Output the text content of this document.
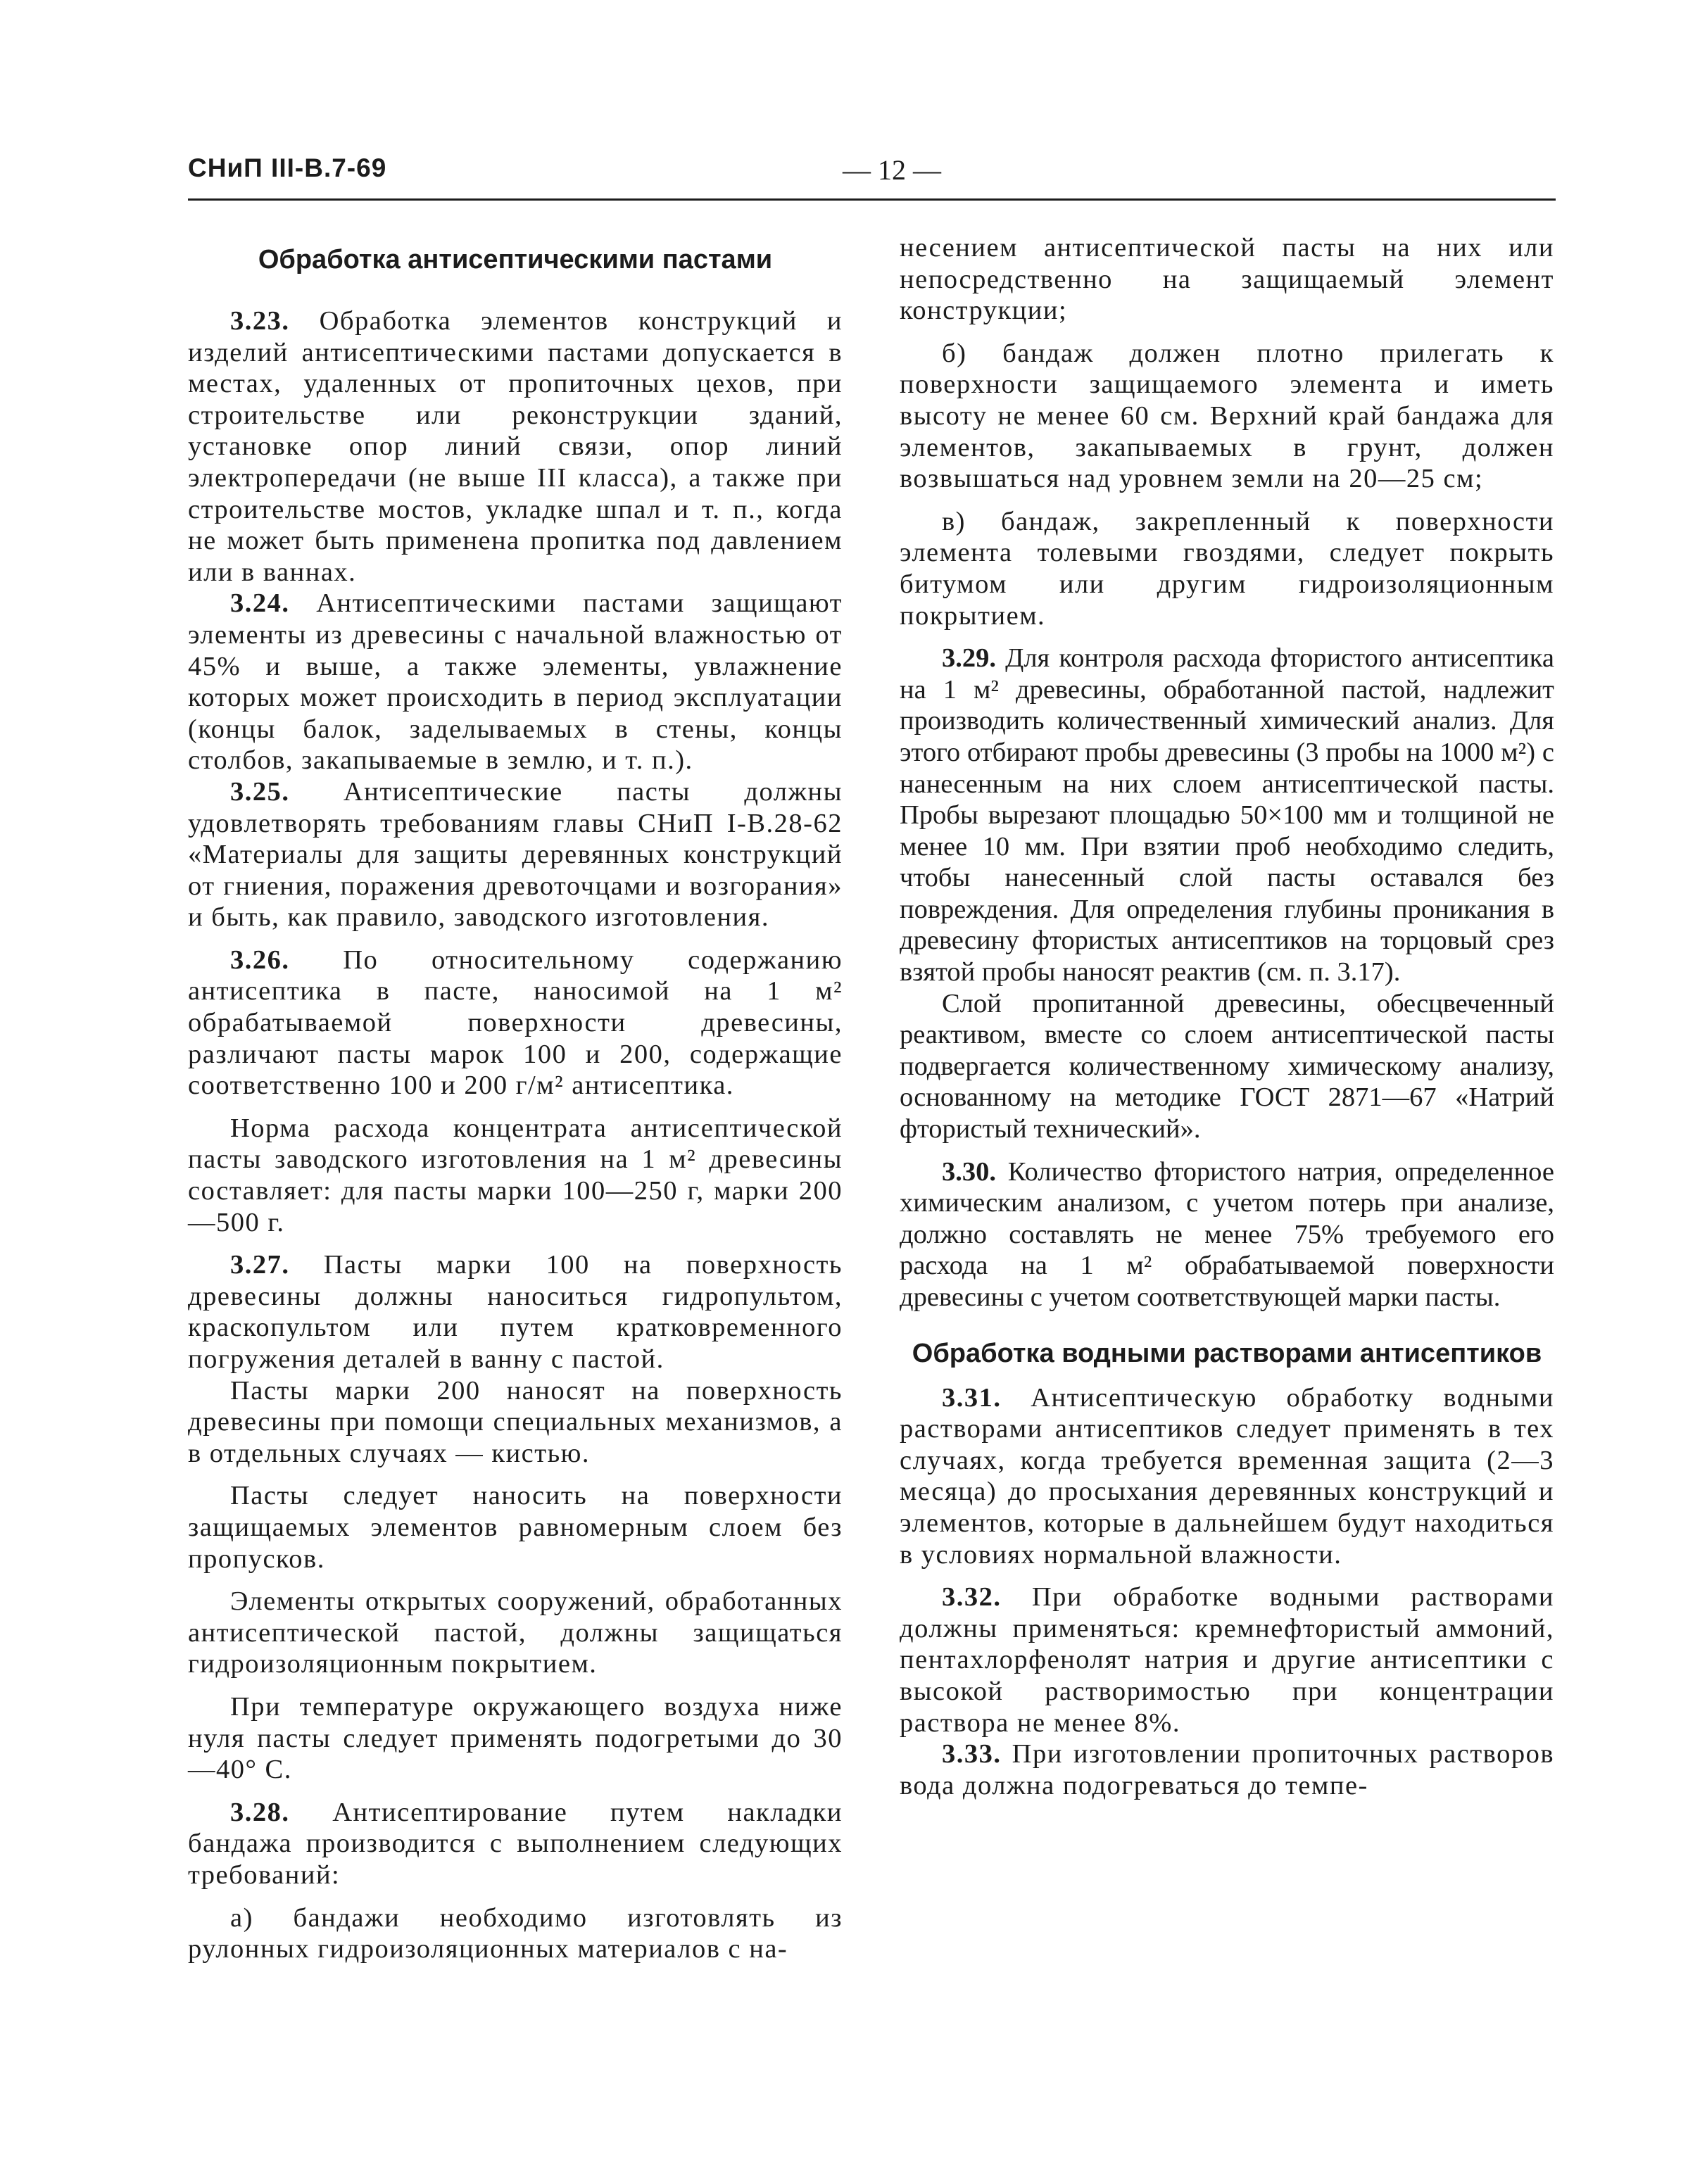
СНиП III-В.7-69	— 12 —
Обработка антисептическими пастами

3.23. Обработка элементов конструкций и изделий антисептическими пастами допускается в местах, удаленных от пропиточных цехов, при строительстве или реконструкции зданий, установке опор линий связи, опор линий электропередачи (не выше III класса), а также при строительстве мостов, укладке шпал и т. п., когда не может быть применена пропитка под давлением или в ваннах.

3.24. Антисептическими пастами защищают элементы из древесины с начальной влажностью от 45% и выше, а также элементы, увлажнение которых может происходить в период эксплуатации (концы балок, заделываемых в стены, концы столбов, закапываемые в землю, и т. п.).

3.25. Антисептические пасты должны удовлетворять требованиям главы СНиП I-В.28-62 «Материалы для защиты деревянных конструкций от гниения, поражения древоточцами и возгорания» и быть, как правило, заводского изготовления.

3.26. По относительному содержанию антисептика в пасте, наносимой на 1 м² обрабатываемой поверхности древесины, различают пасты марок 100 и 200, содержащие соответственно 100 и 200 г/м² антисептика.

Норма расхода концентрата антисептической пасты заводского изготовления на 1 м² древесины составляет: для пасты марки 100—250 г, марки 200—500 г.

3.27. Пасты марки 100 на поверхность древесины должны наноситься гидропультом, краскопультом или путем кратковременного погружения деталей в ванну с пастой.

Пасты марки 200 наносят на поверхность древесины при помощи специальных механизмов, а в отдельных случаях — кистью.

Пасты следует наносить на поверхности защищаемых элементов равномерным слоем без пропусков.

Элементы открытых сооружений, обработанных антисептической пастой, должны защищаться гидроизоляционным покрытием.

При температуре окружающего воздуха ниже нуля пасты следует применять подогретыми до 30—40° С.

3.28. Антисептирование путем накладки бандажа производится с выполнением следующих требований:

а) бандажи необходимо изготовлять из рулонных гидроизоляционных материалов с на-

несением антисептической пасты на них или непосредственно на защищаемый элемент конструкции;

б) бандаж должен плотно прилегать к поверхности защищаемого элемента и иметь высоту не менее 60 см. Верхний край бандажа для элементов, закапываемых в грунт, должен возвышаться над уровнем земли на 20—25 см;

в) бандаж, закрепленный к поверхности элемента толевыми гвоздями, следует покрыть битумом или другим гидроизоляционным покрытием.

3.29. Для контроля расхода фтористого антисептика на 1 м² древесины, обработанной пастой, надлежит производить количественный химический анализ. Для этого отбирают пробы древесины (3 пробы на 1000 м²) с нанесенным на них слоем антисептической пасты. Пробы вырезают площадью 50×100 мм и толщиной не менее 10 мм. При взятии проб необходимо следить, чтобы нанесенный слой пасты оставался без повреждения. Для определения глубины проникания в древесину фтористых антисептиков на торцовый срез взятой пробы наносят реактив (см. п. 3.17).

Слой пропитанной древесины, обесцвеченный реактивом, вместе со слоем антисептической пасты подвергается количественному химическому анализу, основанному на методике ГОСТ 2871—67 «Натрий фтористый технический».

3.30. Количество фтористого натрия, определенное химическим анализом, с учетом потерь при анализе, должно составлять не менее 75% требуемого его расхода на 1 м² обрабатываемой поверхности древесины с учетом соответствующей марки пасты.

Обработка водными растворами антисептиков

3.31. Антисептическую обработку водными растворами антисептиков следует применять в тех случаях, когда требуется временная защита (2—3 месяца) до просыхания деревянных конструкций и элементов, которые в дальнейшем будут находиться в условиях нормальной влажности.

3.32. При обработке водными растворами должны применяться: кремнефтористый аммоний, пентахлорфенолят натрия и другие антисептики с высокой растворимостью при концентрации раствора не менее 8%.

3.33. При изготовлении пропиточных растворов вода должна подогреваться до темпе-
